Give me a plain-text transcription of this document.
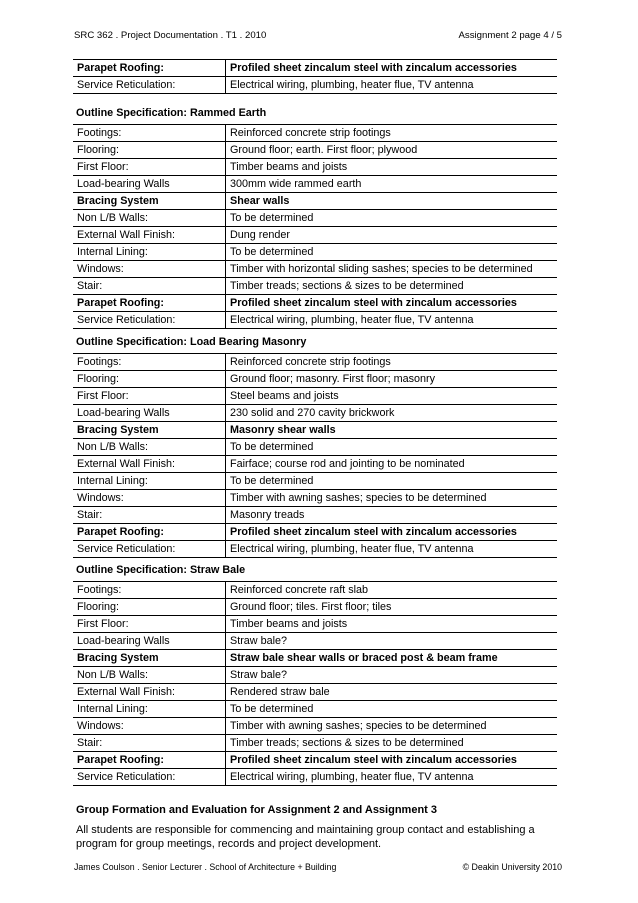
SRC 362 . Project Documentation . T1 . 2010	Assignment 2 page 4 / 5
Parapet Roofing:	Profiled sheet zincalum steel with zincalum accessories
Service Reticulation:	Electrical wiring, plumbing, heater flue, TV antenna
Outline Specification: Rammed Earth
Footings:	Reinforced concrete strip footings
Flooring:	Ground floor; earth. First floor; plywood
First Floor:	Timber beams and joists
Load-bearing Walls	300mm wide rammed earth
Bracing System	Shear walls
Non L/B Walls:	To be determined
External Wall Finish:	Dung render
Internal Lining:	To be determined
Windows:	Timber with horizontal sliding sashes; species to be determined
Stair:	Timber treads; sections & sizes to be determined
Parapet Roofing:	Profiled sheet zincalum steel with zincalum accessories
Service Reticulation:	Electrical wiring, plumbing, heater flue, TV antenna
Outline Specification: Load Bearing Masonry
Footings:	Reinforced concrete strip footings
Flooring:	Ground floor; masonry. First floor; masonry
First Floor:	Steel beams and joists
Load-bearing Walls	230 solid and 270 cavity brickwork
Bracing System	Masonry shear walls
Non L/B Walls:	To be determined
External Wall Finish:	Fairface; course rod and jointing to be nominated
Internal Lining:	To be determined
Windows:	Timber with awning sashes; species to be determined
Stair:	Masonry treads
Parapet Roofing:	Profiled sheet zincalum steel with zincalum accessories
Service Reticulation:	Electrical wiring, plumbing, heater flue, TV antenna
Outline Specification: Straw Bale
Footings:	Reinforced concrete raft slab
Flooring:	Ground floor; tiles. First floor; tiles
First Floor:	Timber beams and joists
Load-bearing Walls	Straw bale?
Bracing System	Straw bale shear walls or braced post & beam frame
Non L/B Walls:	Straw bale?
External Wall Finish:	Rendered straw bale
Internal Lining:	To be determined
Windows:	Timber with awning sashes; species to be determined
Stair:	Timber treads; sections & sizes to be determined
Parapet Roofing:	Profiled sheet zincalum steel with zincalum accessories
Service Reticulation:	Electrical wiring, plumbing, heater flue, TV antenna
Group Formation and Evaluation for Assignment 2 and Assignment 3
All students are responsible for commencing and maintaining group contact and establishing a program for group meetings, records and project development.
James Coulson . Senior Lecturer . School of Architecture + Building	© Deakin University 2010
